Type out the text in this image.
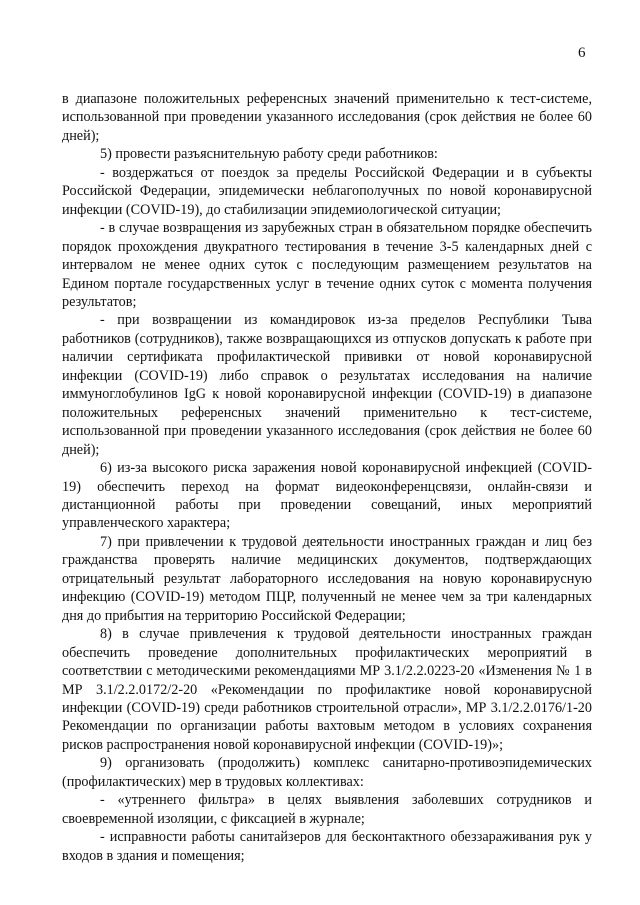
6

в диапазоне положительных референсных значений применительно к тест-системе, использованной при проведении указанного исследования (срок действия не более 60 дней);

5) провести разъяснительную работу среди работников:

- воздержаться от поездок за пределы Российской Федерации и в субъекты Российской Федерации, эпидемически неблагополучных по новой коронавирусной инфекции (COVID-19), до стабилизации эпидемиологической ситуации;

- в случае возвращения из зарубежных стран в обязательном порядке обеспечить порядок прохождения двукратного тестирования в течение 3-5 календарных дней с интервалом не менее одних суток с последующим размещением результатов на Едином портале государственных услуг в течение одних суток с момента получения результатов;

- при возвращении из командировок из-за пределов Республики Тыва работников (сотрудников), также возвращающихся из отпусков допускать к работе при наличии сертификата профилактической прививки от новой коронавирусной инфекции (COVID-19) либо справок о результатах исследования на наличие иммуноглобулинов IgG к новой коронавирусной инфекции (COVID-19) в диапазоне положительных референсных значений применительно к тест-системе, использованной при проведении указанного исследования (срок действия не более 60 дней);

6) из-за высокого риска заражения новой коронавирусной инфекцией (COVID-19) обеспечить переход на формат видеоконференцсвязи, онлайн-связи и дистанционной работы при проведении совещаний, иных мероприятий управленческого характера;

7) при привлечении к трудовой деятельности иностранных граждан и лиц без гражданства проверять наличие медицинских документов, подтверждающих отрицательный результат лабораторного исследования на новую коронавирусную инфекцию (COVID-19) методом ПЦР, полученный не менее чем за три календарных дня до прибытия на территорию Российской Федерации;

8) в случае привлечения к трудовой деятельности иностранных граждан обеспечить проведение дополнительных профилактических мероприятий в соответствии с методическими рекомендациями МР 3.1/2.2.0223-20 «Изменения № 1 в МР 3.1/2.2.0172/2-20 «Рекомендации по профилактике новой коронавирусной инфекции (COVID-19) среди работников строительной отрасли», МР 3.1/2.2.0176/1-20 Рекомендации по организации работы вахтовым методом в условиях сохранения рисков распространения новой коронавирусной инфекции (COVID-19)»;

9) организовать (продолжить) комплекс санитарно-противоэпидемических (профилактических) мер в трудовых коллективах:

- «утреннего фильтра» в целях выявления заболевших сотрудников и своевременной изоляции, с фиксацией в журнале;

- исправности работы санитайзеров для бесконтактного обеззараживания рук у входов в здания и помещения;
